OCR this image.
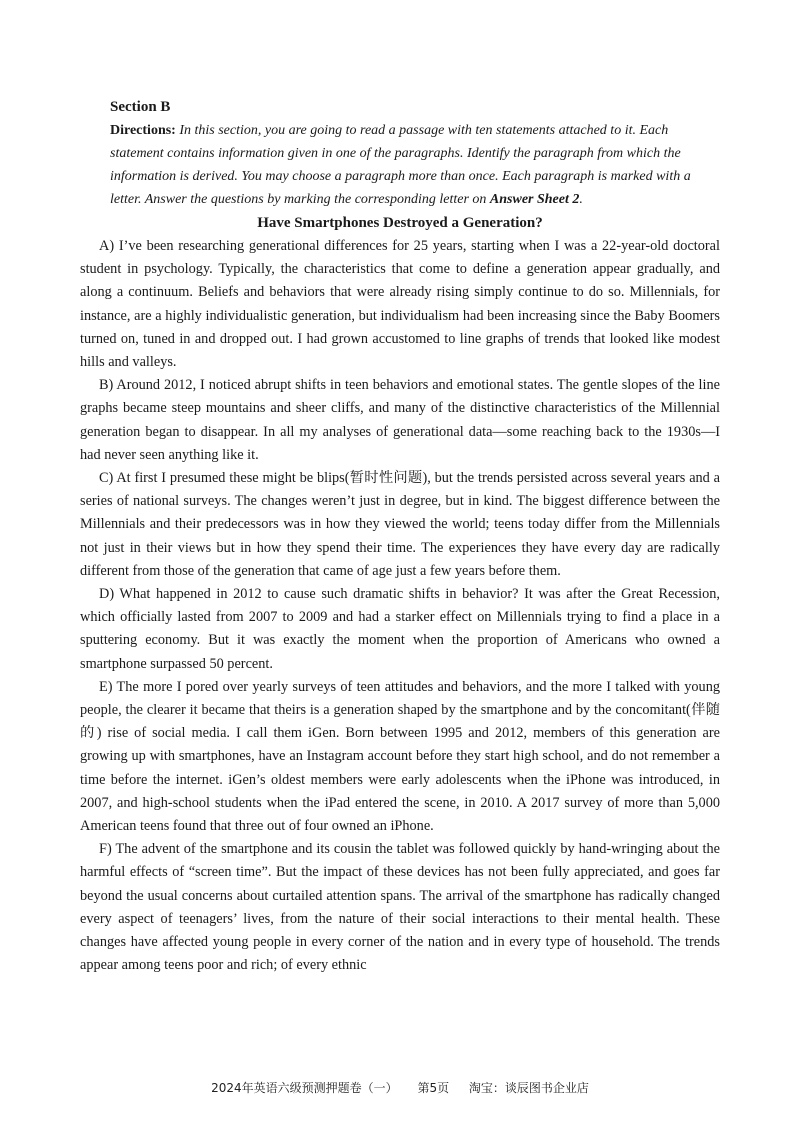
Section B

Directions: In this section, you are going to read a passage with ten statements attached to it. Each statement contains information given in one of the paragraphs. Identify the paragraph from which the information is derived. You may choose a paragraph more than once. Each paragraph is marked with a letter. Answer the questions by marking the corresponding letter on Answer Sheet 2.

Have Smartphones Destroyed a Generation?

A) I’ve been researching generational differences for 25 years, starting when I was a 22-year-old doctoral student in psychology. Typically, the characteristics that come to define a generation appear gradually, and along a continuum. Beliefs and behaviors that were already rising simply continue to do so. Millennials, for instance, are a highly individualistic generation, but individualism had been increasing since the Baby Boomers turned on, tuned in and dropped out. I had grown accustomed to line graphs of trends that looked like modest hills and valleys.

B) Around 2012, I noticed abrupt shifts in teen behaviors and emotional states. The gentle slopes of the line graphs became steep mountains and sheer cliffs, and many of the distinctive characteristics of the Millennial generation began to disappear. In all my analyses of generational data—some reaching back to the 1930s—I had never seen anything like it.

C) At first I presumed these might be blips(暂时性问题), but the trends persisted across several years and a series of national surveys. The changes weren’t just in degree, but in kind. The biggest difference between the Millennials and their predecessors was in how they viewed the world; teens today differ from the Millennials not just in their views but in how they spend their time. The experiences they have every day are radically different from those of the generation that came of age just a few years before them.

D) What happened in 2012 to cause such dramatic shifts in behavior? It was after the Great Recession, which officially lasted from 2007 to 2009 and had a starker effect on Millennials trying to find a place in a sputtering economy. But it was exactly the moment when the proportion of Americans who owned a smartphone surpassed 50 percent.

E) The more I pored over yearly surveys of teen attitudes and behaviors, and the more I talked with young people, the clearer it became that theirs is a generation shaped by the smartphone and by the concomitant(伴随的) rise of social media. I call them iGen. Born between 1995 and 2012, members of this generation are growing up with smartphones, have an Instagram account before they start high school, and do not remember a time before the internet. iGen’s oldest members were early adolescents when the iPhone was introduced, in 2007, and high-school students when the iPad entered the scene, in 2010. A 2017 survey of more than 5,000 American teens found that three out of four owned an iPhone.

F) The advent of the smartphone and its cousin the tablet was followed quickly by hand-wringing about the harmful effects of “screen time”. But the impact of these devices has not been fully appreciated, and goes far beyond the usual concerns about curtailed attention spans. The arrival of the smartphone has radically changed every aspect of teenagers’ lives, from the nature of their social interactions to their mental health. These changes have affected young people in every corner of the nation and in every type of household. The trends appear among teens poor and rich; of every ethnic

2024年英语六级预测押题卷（一） 第5页 淘宝：谈辰图书企业店
